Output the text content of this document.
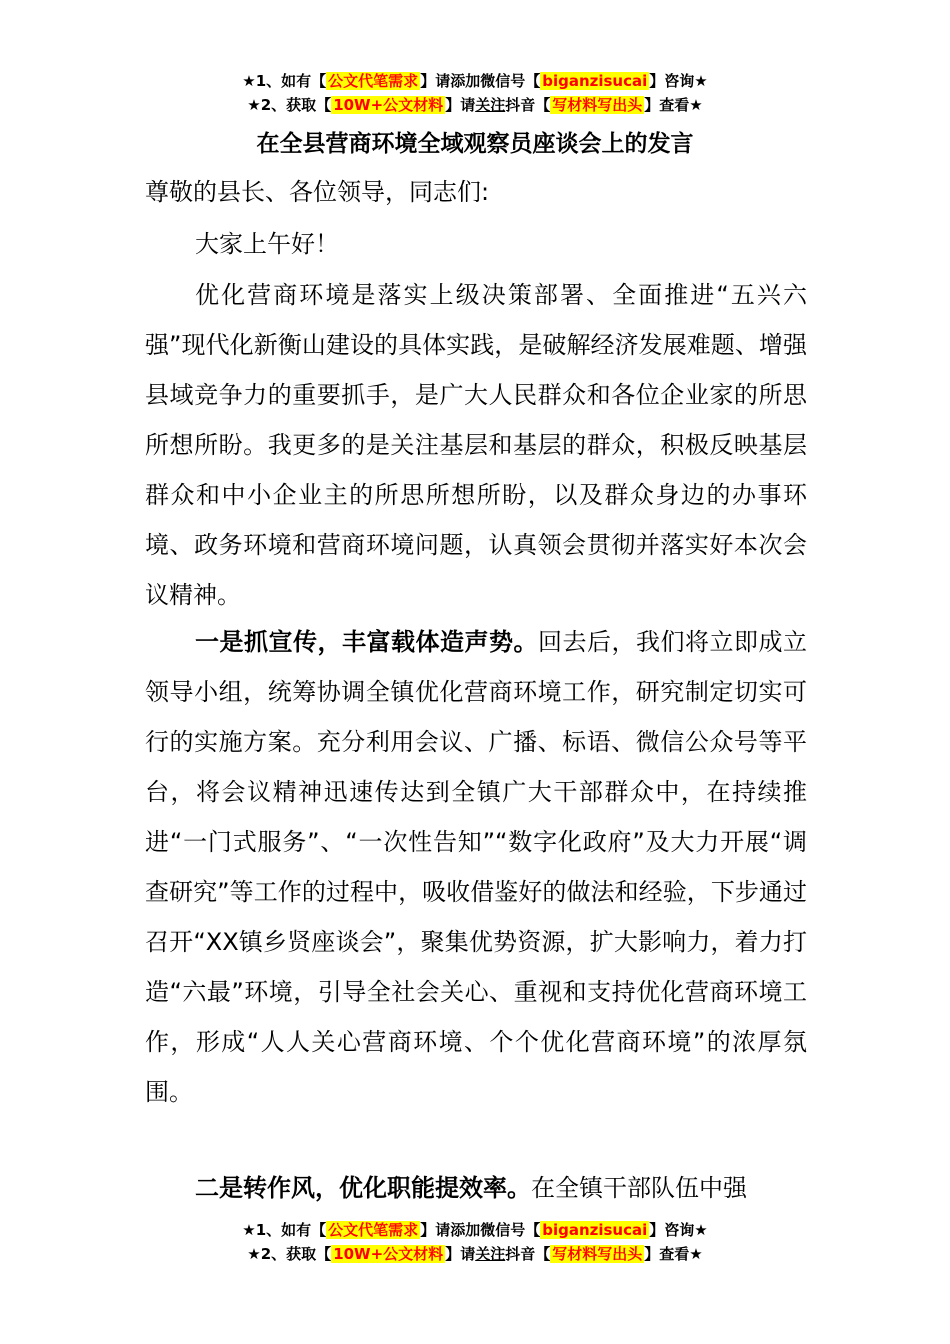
★1、如有【 公文代笔需求 】请添加微信号【 biganzisucai 】咨询★
★2、获取【 10W+公文材料 】请关注抖音【 写材料写出头 】查看★
在全县营商环境全域观察员座谈会上的发言
尊敬的县长、各位领导，同志们:
大家上午好！
优化营商环境是落实上级决策部署、全面推进“五兴六强”现代化新衡山建设的具体实践，是破解经济发展难题、增强县域竞争力的重要抓手，是广大人民群众和各位企业家的所思所想所盼。我更多的是关注基层和基层的群众，积极反映基层群众和中小企业主的所思所想所盼，以及群众身边的办事环境、政务环境和营商环境问题，认真领会贯彻并落实好本次会议精神。
一是抓宣传，丰富载体造声势。回去后，我们将立即成立领导小组，统筹协调全镇优化营商环境工作，研究制定切实可行的实施方案。充分利用会议、广播、标语、微信公众号等平台，将会议精神迅速传达到全镇广大干部群众中，在持续推进“一门式服务”、“一次性告知”“数字化政府”及大力开展“调查研究”等工作的过程中，吸收借鉴好的做法和经验，下步通过召开“XX镇乡贤座谈会”，聚集优势资源，扩大影响力，着力打造“六最”环境，引导全社会关心、重视和支持优化营商环境工作，形成“人人关心营商环境、个个优化营商环境”的浓厚氛围。
二是转作风，优化职能提效率。在全镇干部队伍中强
★1、如有【 公文代笔需求 】请添加微信号【 biganzisucai 】咨询★
★2、获取【 10W+公文材料 】请关注抖音【 写材料写出头 】查看★
